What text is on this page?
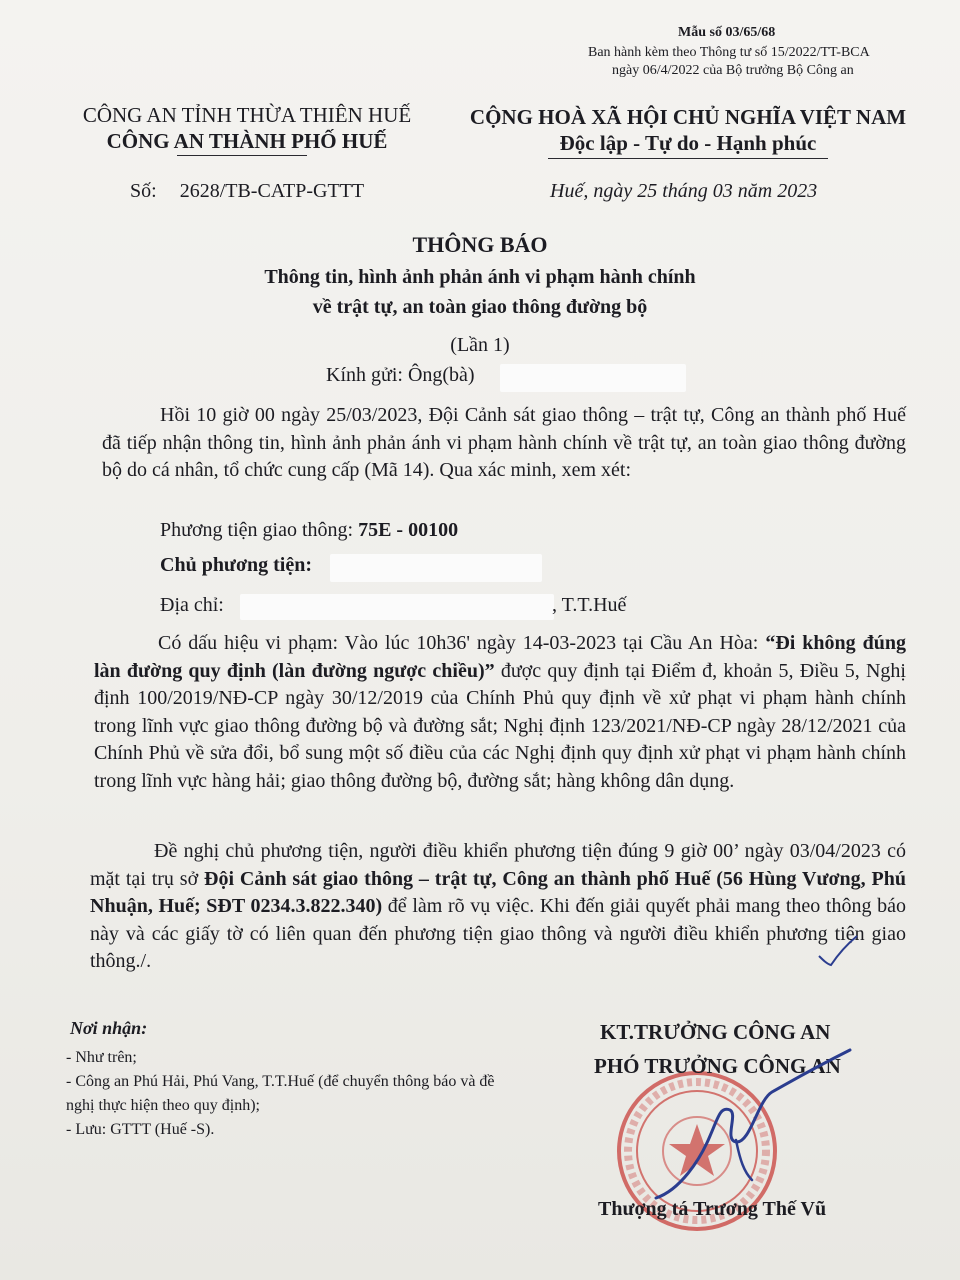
Mẫu số 03/65/68
Ban hành kèm theo Thông tư số 15/2022/TT-BCA
ngày 06/4/2022 của Bộ trưởng Bộ Công an
CÔNG AN TỈNH THỪA THIÊN HUẾ
CÔNG AN THÀNH PHỐ HUẾ
CỘNG HOÀ XÃ HỘI CHỦ NGHĨA VIỆT NAM
Độc lập - Tự do - Hạnh phúc
Số: 2628/TB-CATP-GTTT	Huế, ngày 25 tháng 03 năm 2023
THÔNG BÁO
Thông tin, hình ảnh phản ánh vi phạm hành chính
về trật tự, an toàn giao thông đường bộ
(Lần 1)
Kính gửi: Ông(bà)

Hồi 10 giờ 00 ngày 25/03/2023, Đội Cảnh sát giao thông – trật tự, Công an thành phố Huế đã tiếp nhận thông tin, hình ảnh phản ánh vi phạm hành chính về trật tự, an toàn giao thông đường bộ do cá nhân, tổ chức cung cấp (Mã 14). Qua xác minh, xem xét:

Phương tiện giao thông: 75E - 00100
Chủ phương tiện:
Địa chỉ:	, T.T.Huế

Có dấu hiệu vi phạm: Vào lúc 10h36' ngày 14-03-2023 tại Cầu An Hòa: “Đi không đúng làn đường quy định (làn đường ngược chiều)” được quy định tại Điểm đ, khoản 5, Điều 5, Nghị định 100/2019/NĐ-CP ngày 30/12/2019 của Chính Phủ quy định về xử phạt vi phạm hành chính trong lĩnh vực giao thông đường bộ và đường sắt; Nghị định 123/2021/NĐ-CP ngày 28/12/2021 của Chính Phủ về sửa đổi, bổ sung một số điều của các Nghị định quy định xử phạt vi phạm hành chính trong lĩnh vực hàng hải; giao thông đường bộ, đường sắt; hàng không dân dụng.

Đề nghị chủ phương tiện, người điều khiển phương tiện đúng 9 giờ 00’ ngày 03/04/2023 có mặt tại trụ sở Đội Cảnh sát giao thông – trật tự, Công an thành phố Huế (56 Hùng Vương, Phú Nhuận, Huế; SĐT 0234.3.822.340) để làm rõ vụ việc. Khi đến giải quyết phải mang theo thông báo này và các giấy tờ có liên quan đến phương tiện giao thông và người điều khiển phương tiện giao thông./.

Nơi nhận:
- Như trên;
- Công an Phú Hải, Phú Vang, T.T.Huế (để chuyển thông báo và đề nghị thực hiện theo quy định);
- Lưu: GTTT (Huế -S).
KT.TRƯỞNG CÔNG AN
PHÓ TRƯỞNG CÔNG AN
Thượng tá Trương Thế Vũ
